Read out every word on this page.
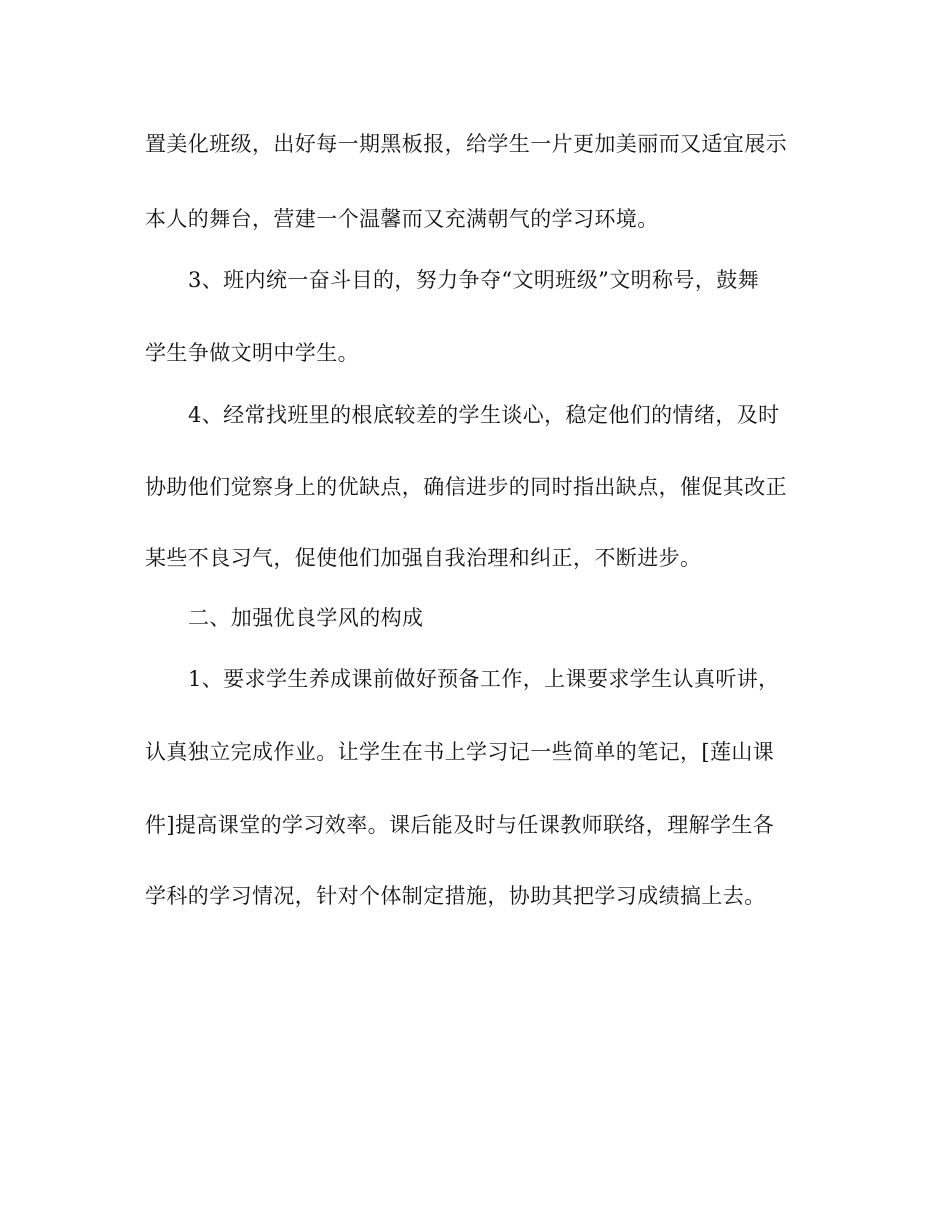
置美化班级，出好每一期黑板报，给学生一片更加美丽而又适宜展示
本人的舞台，营建一个温馨而又充满朝气的学习环境。
3、班内统一奋斗目的，努力争夺“文明班级”文明称号，鼓舞
学生争做文明中学生。
4、经常找班里的根底较差的学生谈心，稳定他们的情绪，及时
协助他们觉察身上的优缺点，确信进步的同时指出缺点，催促其改正
某些不良习气，促使他们加强自我治理和纠正，不断进步。
二、加强优良学风的构成
1、要求学生养成课前做好预备工作，上课要求学生认真听讲，
认真独立完成作业。让学生在书上学习记一些简单的笔记，[莲山课
件]提高课堂的学习效率。课后能及时与任课教师联络，理解学生各
学科的学习情况，针对个体制定措施，协助其把学习成绩搞上去。
